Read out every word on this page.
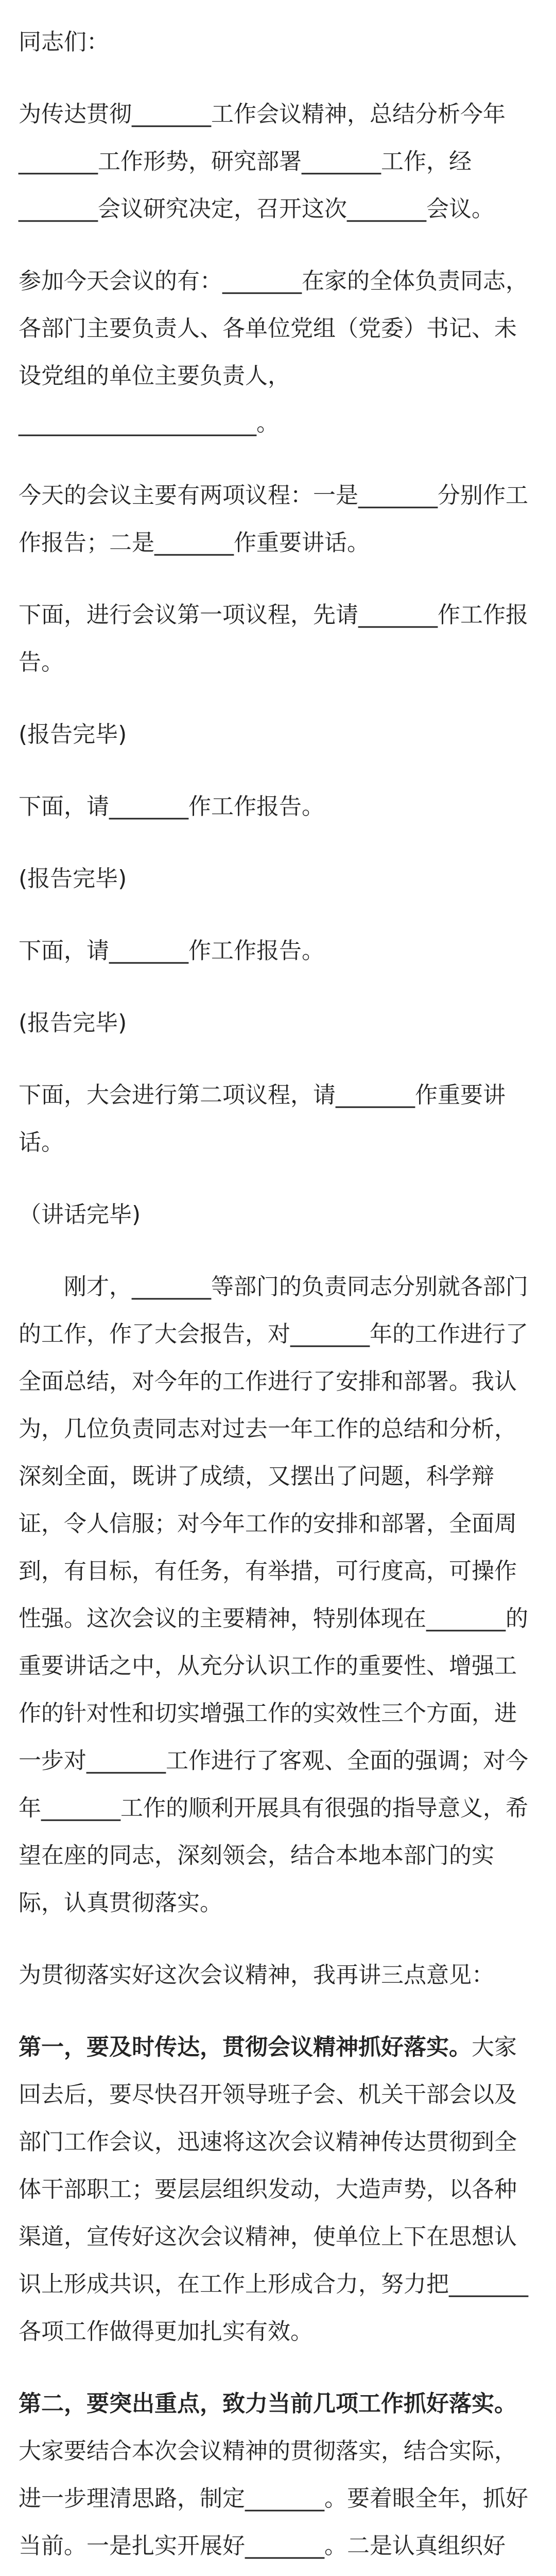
同志们：

为传达贯彻_______工作会议精神，总结分析今年_______工作形势，研究部署_______工作，经_______会议研究决定，召开这次_______会议。

参加今天会议的有：_______在家的全体负责同志，各部门主要负责人、各单位党组（党委）书记、未设党组的单位主要负责人，_____________________。

今天的会议主要有两项议程：一是_______分别作工作报告；二是_______作重要讲话。

下面，进行会议第一项议程，先请_______作工作报告。

(报告完毕)

下面，请_______作工作报告。

(报告完毕)

下面，请_______作工作报告。

(报告完毕)

下面，大会进行第二项议程，请_______作重要讲话。

（讲话完毕)

刚才，_______等部门的负责同志分别就各部门的工作，作了大会报告，对_______年的工作进行了全面总结，对今年的工作进行了安排和部署。我认为，几位负责同志对过去一年工作的总结和分析，深刻全面，既讲了成绩，又摆出了问题，科学辩证，令人信服；对今年工作的安排和部署，全面周到，有目标，有任务，有举措，可行度高，可操作性强。这次会议的主要精神，特别体现在_______的重要讲话之中，从充分认识工作的重要性、增强工作的针对性和切实增强工作的实效性三个方面，进一步对_______工作进行了客观、全面的强调；对今年_______工作的顺利开展具有很强的指导意义，希望在座的同志，深刻领会，结合本地本部门的实际，认真贯彻落实。

为贯彻落实好这次会议精神，我再讲三点意见：

第一，要及时传达，贯彻会议精神抓好落实。大家回去后，要尽快召开领导班子会、机关干部会以及部门工作会议，迅速将这次会议精神传达贯彻到全体干部职工；要层层组织发动，大造声势，以各种渠道，宣传好这次会议精神，使单位上下在思想认识上形成共识，在工作上形成合力，努力把_______各项工作做得更加扎实有效。

第二，要突出重点，致力当前几项工作抓好落实。大家要结合本次会议精神的贯彻落实，结合实际，进一步理清思路，制定_______。要着眼全年，抓好当前。一是扎实开展好_______。二是认真组织好
